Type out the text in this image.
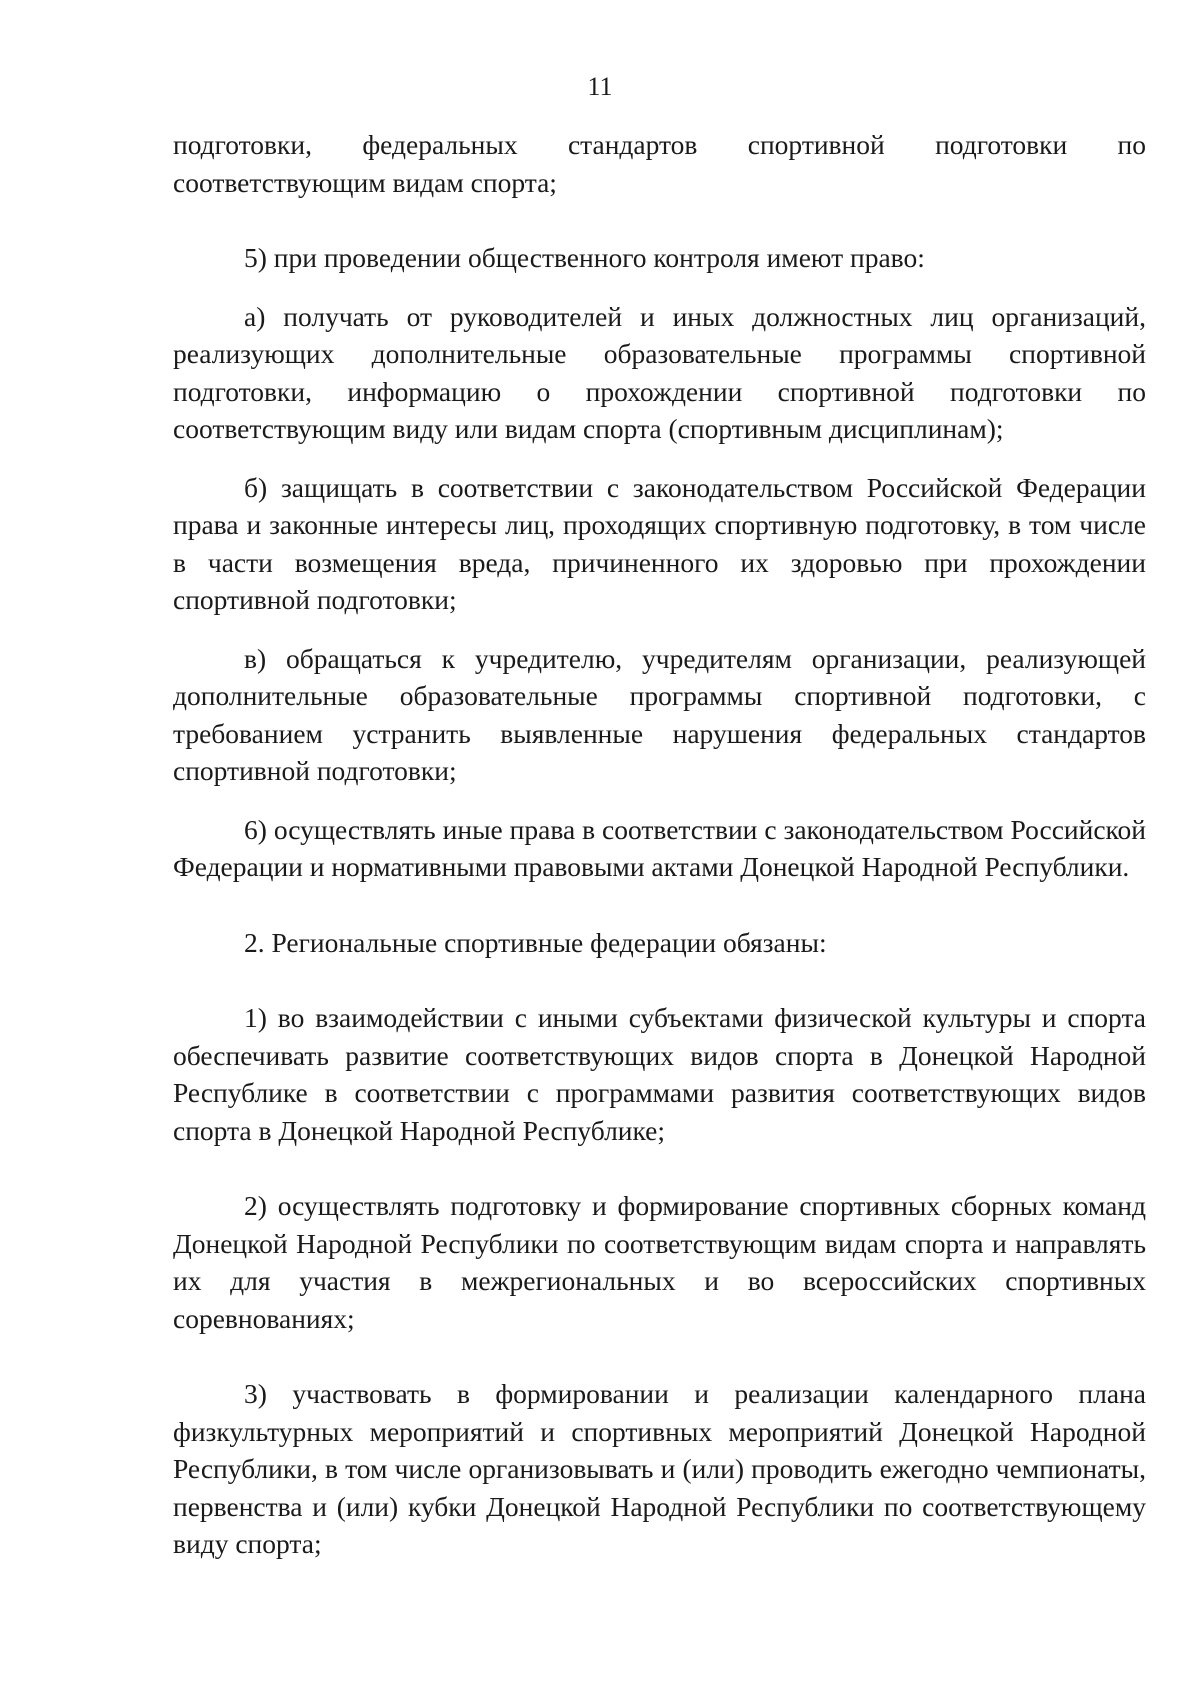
11

подготовки, федеральных стандартов спортивной подготовки по соответствующим видам спорта;

5) при проведении общественного контроля имеют право:

а) получать от руководителей и иных должностных лиц организаций, реализующих дополнительные образовательные программы спортивной подготовки, информацию о прохождении спортивной подготовки по соответствующим виду или видам спорта (спортивным дисциплинам);

б) защищать в соответствии с законодательством Российской Федерации права и законные интересы лиц, проходящих спортивную подготовку, в том числе в части возмещения вреда, причиненного их здоровью при прохождении спортивной подготовки;

в) обращаться к учредителю, учредителям организации, реализующей дополнительные образовательные программы спортивной подготовки, с требованием устранить выявленные нарушения федеральных стандартов спортивной подготовки;

6) осуществлять иные права в соответствии с законодательством Российской Федерации и нормативными правовыми актами Донецкой Народной Республики.

2. Региональные спортивные федерации обязаны:

1) во взаимодействии с иными субъектами физической культуры и спорта обеспечивать развитие соответствующих видов спорта в Донецкой Народной Республике в соответствии с программами развития соответствующих видов спорта в Донецкой Народной Республике;

2) осуществлять подготовку и формирование спортивных сборных команд Донецкой Народной Республики по соответствующим видам спорта и направлять их для участия в межрегиональных и во всероссийских спортивных соревнованиях;

3) участвовать в формировании и реализации календарного плана физкультурных мероприятий и спортивных мероприятий Донецкой Народной Республики, в том числе организовывать и (или) проводить ежегодно чемпионаты, первенства и (или) кубки Донецкой Народной Республики по соответствующему виду спорта;
